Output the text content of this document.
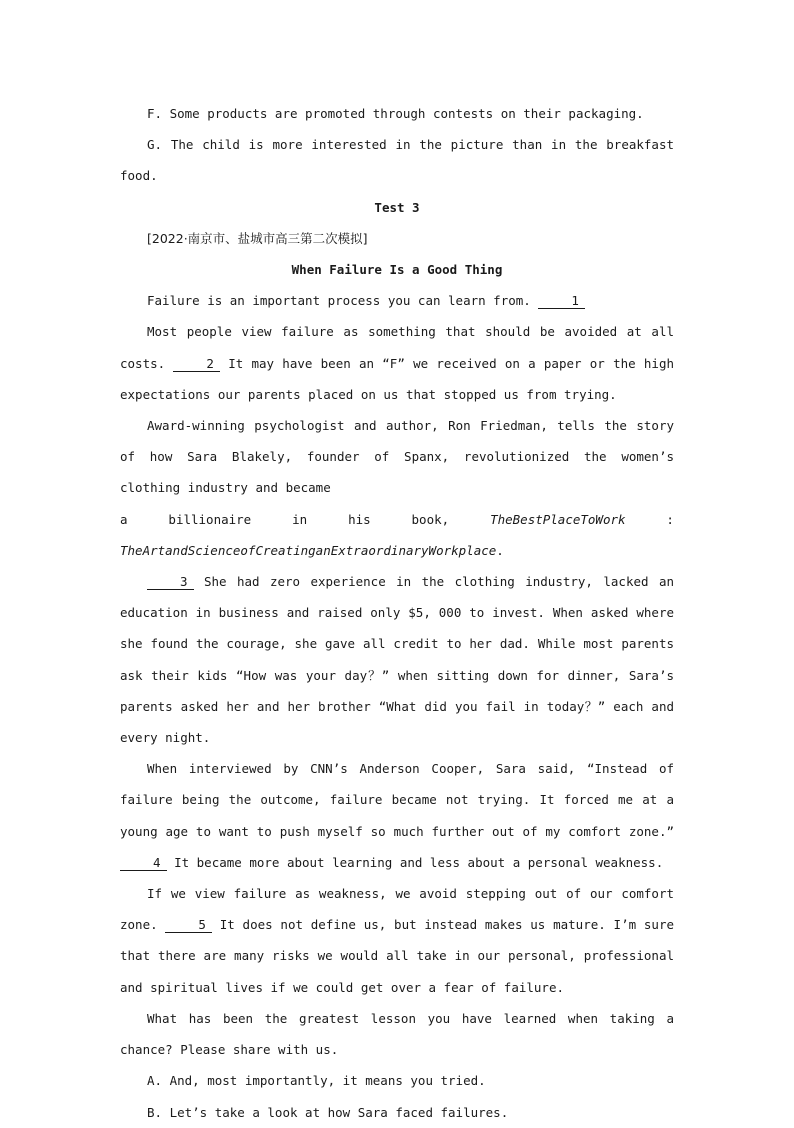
F. Some products are promoted through contests on their packaging.

G. The child is more interested in the picture than in the breakfast food.

Test 3

[2022·南京市、盐城市高三第二次模拟]

When Failure Is a Good Thing

Failure is an important process you can learn from.	1

Most people view failure as something that should be avoided at all costs.	2 It may have been an “F” we received on a paper or the high expectations our parents placed on us that stopped us from trying.

Award-winning psychologist and author, Ron Friedman, tells the story of how Sara Blakely, founder of Spanx, revolutionized the women’s clothing industry and became

a	billionaire	in	his	book,	TheBestPlaceToWork	:

TheArtandScienceofCreatinganExtraordinaryWorkplace.

3 She had zero experience in the clothing industry, lacked an education in business and raised only $5, 000 to invest. When asked where she found the courage, she gave all credit to her dad. While most parents ask their kids “How was your day？” when sitting down for dinner, Sara’s parents asked her and her brother “What did you fail in today？” each and every night.

When interviewed by CNN’s Anderson Cooper, Sara said, “Instead of failure being the outcome, failure became not trying. It forced me at a young age to want to push myself so much further out of my comfort zone.” 4 It became more about learning and less about a personal weakness.

If we view failure as weakness, we avoid stepping out of our comfort zone.	5 It does not define us, but instead makes us mature. I’m sure that there are many risks we would all take in our personal, professional and spiritual lives if we could get over a fear of failure.

What has been the greatest lesson you have learned when taking a chance? Please share with us.

A. And, most importantly, it means you tried.

B. Let’s take a look at how Sara faced failures.
